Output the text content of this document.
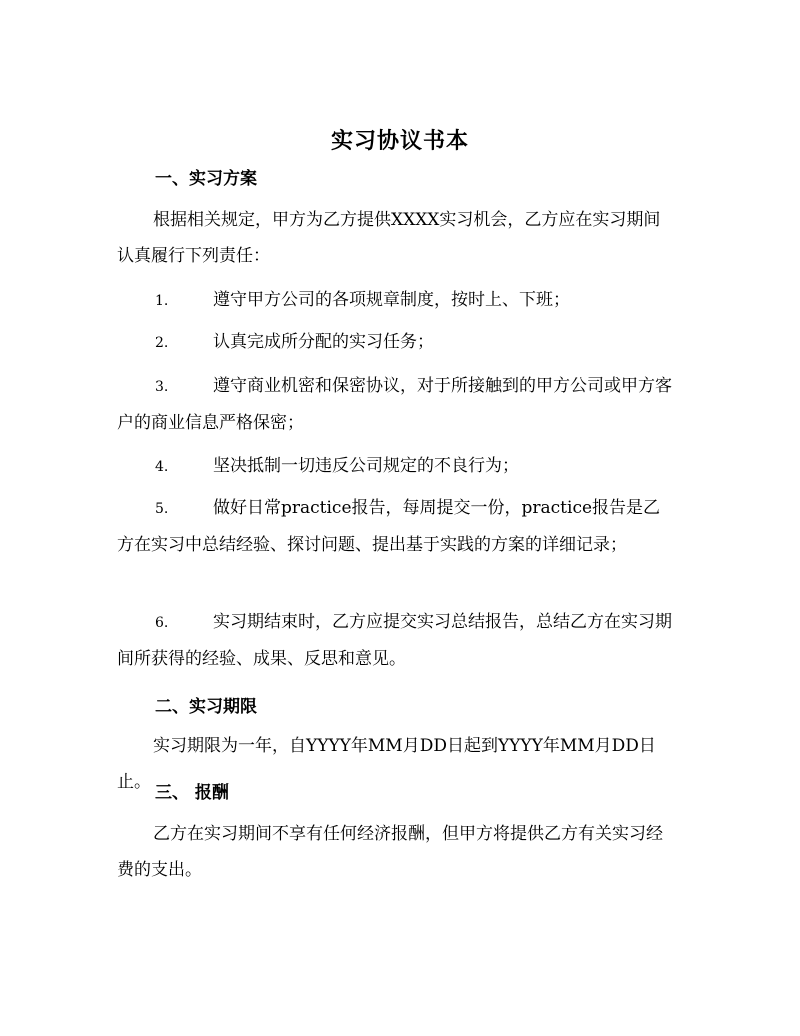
实习协议书本
一、实习方案
根据相关规定，甲方为乙方提供XXXX实习机会，乙方应在实习期间认真履行下列责任：
1.	遵守甲方公司的各项规章制度，按时上、下班；
2.	认真完成所分配的实习任务；
3.	遵守商业机密和保密协议，对于所接触到的甲方公司或甲方客户的商业信息严格保密；
4.	坚决抵制一切违反公司规定的不良行为；
5.	做好日常practice报告，每周提交一份，practice报告是乙方在实习中总结经验、探讨问题、提出基于实践的方案的详细记录；
6.	实习期结束时，乙方应提交实习总结报告，总结乙方在实习期间所获得的经验、成果、反思和意见。
二、实习期限
实习期限为一年，自YYYY年MM月DD日起到YYYY年MM月DD日止。
三、 报酬
乙方在实习期间不享有任何经济报酬，但甲方将提供乙方有关实习经费的支出。
